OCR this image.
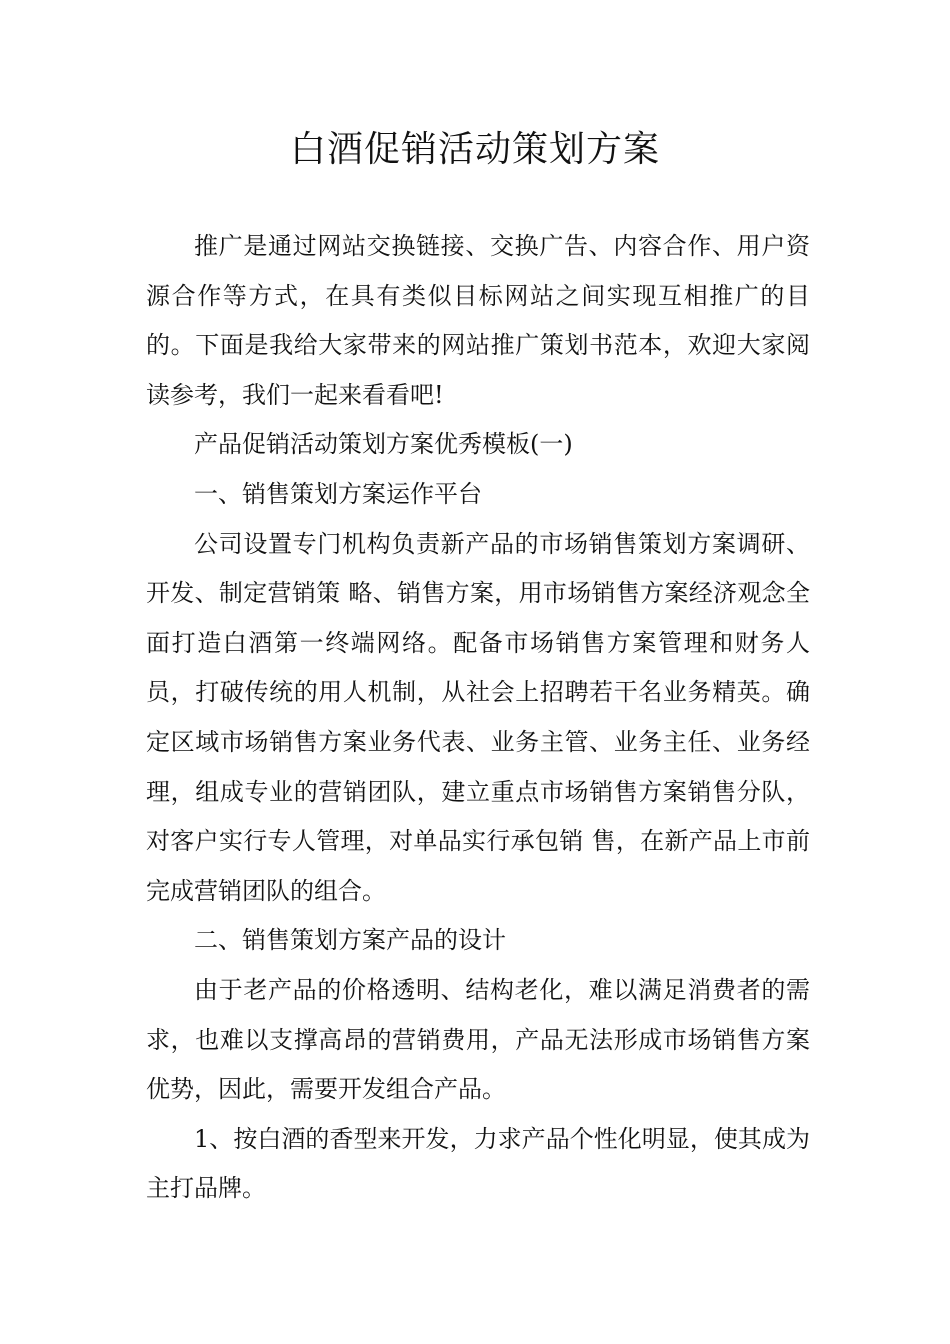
白酒促销活动策划方案

推广是通过网站交换链接、交换广告、内容合作、用户资源合作等方式，在具有类似目标网站之间实现互相推广的目的。下面是我给大家带来的网站推广策划书范本，欢迎大家阅读参考，我们一起来看看吧!

产品促销活动策划方案优秀模板(一)

一、销售策划方案运作平台

公司设置专门机构负责新产品的市场销售策划方案调研、开发、制定营销策 略、销售方案，用市场销售方案经济观念全面打造白酒第一终端网络。配备市场销售方案管理和财务人员，打破传统的用人机制，从社会上招聘若干名业务精英。确 定区域市场销售方案业务代表、业务主管、业务主任、业务经理，组成专业的营销团队，建立重点市场销售方案销售分队，对客户实行专人管理，对单品实行承包销 售，在新产品上市前完成营销团队的组合。

二、销售策划方案产品的设计

由于老产品的价格透明、结构老化，难以满足消费者的需求，也难以支撑高昂的营销费用，产品无法形成市场销售方案优势，因此，需要开发组合产品。

1、按白酒的香型来开发，力求产品个性化明显，使其成为主打品牌。
